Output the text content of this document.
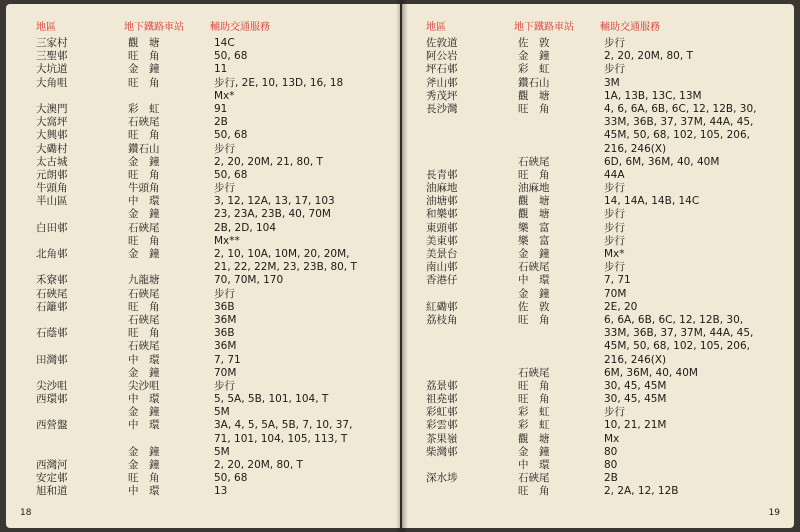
地區	地下鐵路車站	輔助交通服務
三家村	觀　塘	14C
三聖邨	旺　角	50, 68
大坑道	金　鐘	11
大角咀	旺　角	步行, 2E, 10, 13D, 16, 18
Mx*
大澳門	彩　虹	91
大窩坪	石硤尾	2B
大興邨	旺　角	50, 68
大磡村	鑽石山	步行
太古城	金　鐘	2, 20, 20M, 21, 80, T
元朗邨	旺　角	50, 68
牛頭角	牛頭角	步行
半山區	中　環	3, 12, 12A, 13, 17, 103
金　鐘	23, 23A, 23B, 40, 70M
白田邨	石硤尾	2B, 2D, 104
旺　角	Mx**
北角邨	金　鐘	2, 10, 10A, 10M, 20, 20M,
21, 22, 22M, 23, 23B, 80, T
禾寮邨	九龍塘	70, 70M, 170
石硤尾	石硤尾	步行
石籬邨	旺　角	36B
石硤尾	36M
石蔭邨	旺　角	36B
石硤尾	36M
田灣邨	中　環	7, 71
金　鐘	70M
尖沙咀	尖沙咀	步行
西環邨	中　環	5, 5A, 5B, 101, 104, T
金　鐘	5M
西營盤	中　環	3A, 4, 5, 5A, 5B, 7, 10, 37,
71, 101, 104, 105, 113, T
金　鐘	5M
西灣河	金　鐘	2, 20, 20M, 80, T
安定邨	旺　角	50, 68
旭和道	中　環	13
18
地區	地下鐵路車站	輔助交通服務
佐敦道	佐　敦	步行
阿公岩	金　鐘	2, 20, 20M, 80, T
坪石邨	彩　虹	步行
斧山邨	鑽石山	3M
秀茂坪	觀　塘	1A, 13B, 13C, 13M
長沙灣	旺　角	4, 6, 6A, 6B, 6C, 12, 12B, 30,
33M, 36B, 37, 37M, 44A, 45,
45M, 50, 68, 102, 105, 206,
216, 246(X)
石硤尾	6D, 6M, 36M, 40, 40M
長青邨	旺　角	44A
油麻地	油麻地	步行
油塘邨	觀　塘	14, 14A, 14B, 14C
和樂邨	觀　塘	步行
東頭邨	樂　富	步行
美東邨	樂　富	步行
美景台	金　鐘	Mx*
南山邨	石硤尾	步行
香港仔	中　環	7, 71
金　鐘	70M
紅磡邨	佐　敦	2E, 20
荔枝角	旺　角	6, 6A, 6B, 6C, 12, 12B, 30,
33M, 36B, 37, 37M, 44A, 45,
45M, 50, 68, 102, 105, 206,
216, 246(X)
石硤尾	6M, 36M, 40, 40M
荔景邨	旺　角	30, 45, 45M
祖堯邨	旺　角	30, 45, 45M
彩虹邨	彩　虹	步行
彩雲邨	彩　虹	10, 21, 21M
茶果嶺	觀　塘	Mx
柴灣邨	金　鐘	80
中　環	80
深水埗	石硤尾	2B
旺　角	2, 2A, 12, 12B
19
